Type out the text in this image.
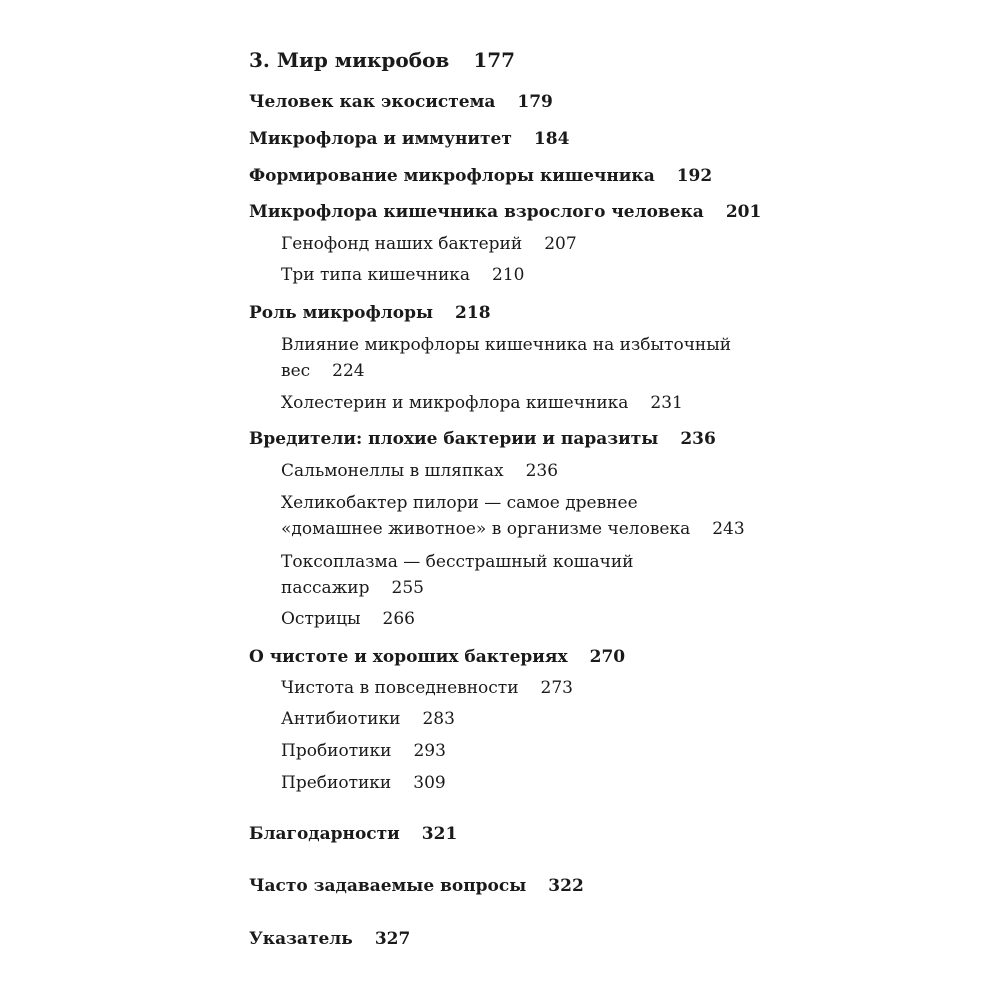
3. Мир микробов 177
Человек как экосистема 179
Микрофлора и иммунитет 184
Формирование микрофлоры кишечника 192
Микрофлора кишечника взрослого человека 201
Генофонд наших бактерий 207
Три типа кишечника 210
Роль микрофлоры 218
Влияние микрофлоры кишечника на избыточный
вес 224
Холестерин и микрофлора кишечника 231
Вредители: плохие бактерии и паразиты 236
Сальмонеллы в шляпках 236
Хеликобактер пилори — самое древнее
«домашнее животное» в организме человека 243
Токсоплазма — бесстрашный кошачий
пассажир 255
Острицы 266
О чистоте и хороших бактериях 270
Чистота в повседневности 273
Антибиотики 283
Пробиотики 293
Пребиотики 309
Благодарности 321
Часто задаваемые вопросы 322
Указатель 327
